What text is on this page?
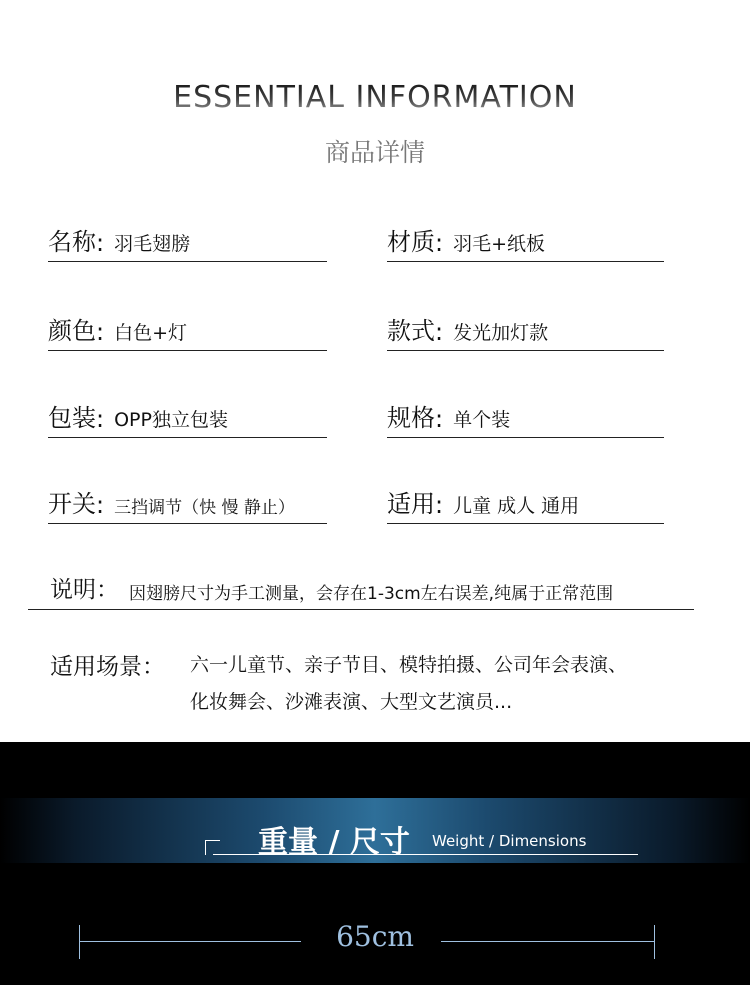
ESSENTIAL INFORMATION
商品详情
名称 : 羽毛翅膀	材质 : 羽毛+纸板
颜色 : 白色+灯	款式 : 发光加灯款
包装 : OPP独立包装	规格 : 单个装
开关 : 三挡调节（快 慢 静止）	适用 : 儿童 成人 通用
说明： 因翅膀尺寸为手工测量，会存在1-3cm左右误差,纯属于正常范围
适用场景： 六一儿童节、亲子节目、模特拍摄、公司年会表演、
化妆舞会、沙滩表演、大型文艺演员...
重量 / 尺寸 Weight / Dimensions
65cm
